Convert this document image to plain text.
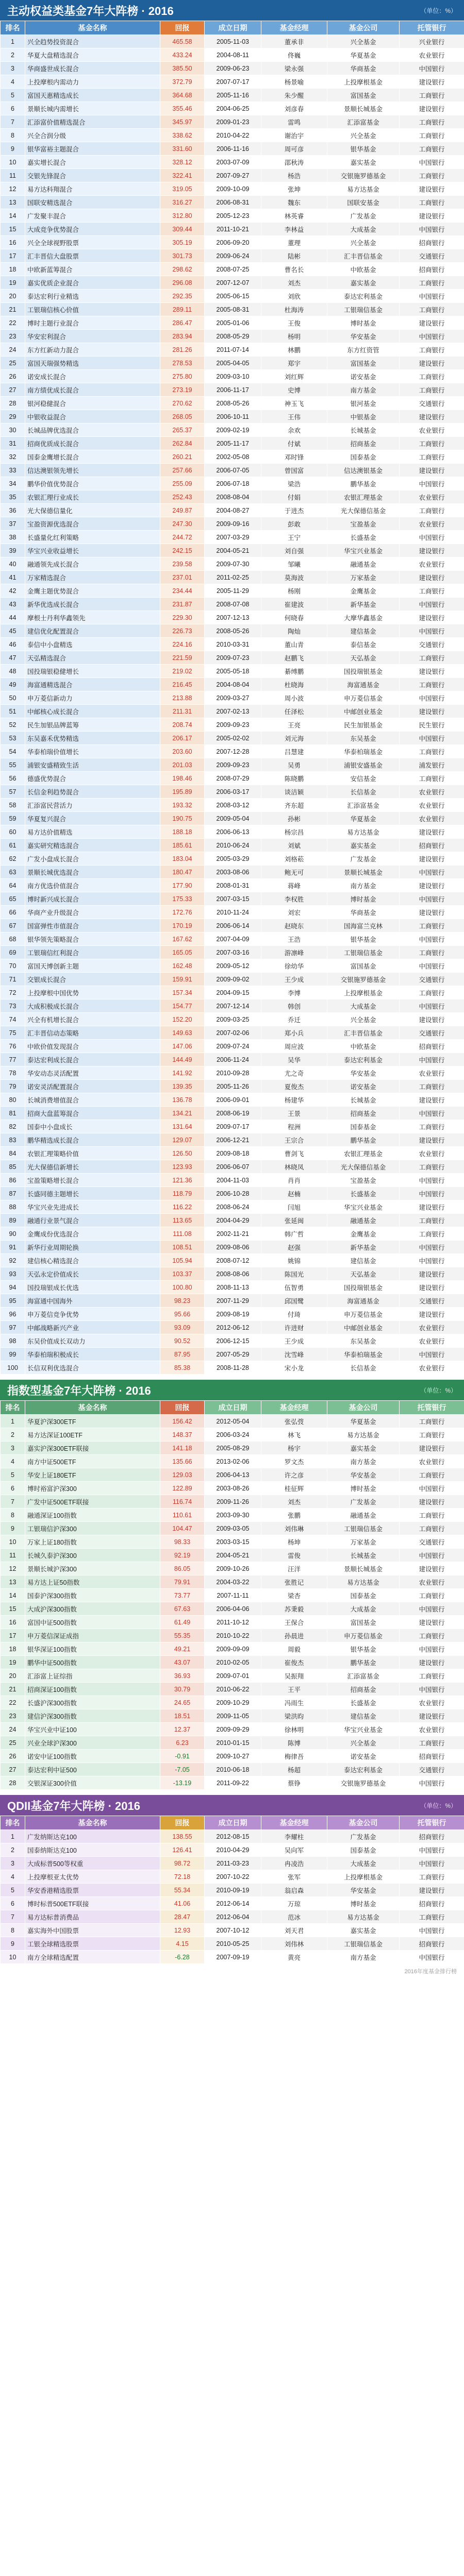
主动权益类基金7年大阵榜 · 2016	（单位：%）
排名	基金名称	回报	成立日期	基金经理	基金公司	托管银行
1	兴全趋势投资混合	465.58	2005-11-03	董承非	兴全基金	兴业银行
2	华夏大盘精选混合	433.24	2004-08-11	佟巍	华夏基金	农业银行
3	华商盛世成长混合	385.50	2009-06-23	梁永强	华商基金	中国银行
4	上投摩根内需动力	372.79	2007-07-17	杨景喻	上投摩根基金	建设银行
5	富国天惠精选成长	364.68	2005-11-16	朱少醒	富国基金	工商银行
6	景顺长城内需增长	355.46	2004-06-25	刘彦春	景顺长城基金	建设银行
7	汇添富价值精选混合	345.97	2009-01-23	雷鸣	汇添富基金	工商银行
8	兴全合润分级	338.62	2010-04-22	谢治宇	兴全基金	工商银行
9	银华富裕主题混合	331.60	2006-11-16	周可彦	银华基金	工商银行
10	嘉实增长混合	328.12	2003-07-09	邵秋涛	嘉实基金	中国银行
11	交银先锋混合	322.41	2007-09-27	杨浩	交银施罗德基金	工商银行
12	易方达科翔混合	319.05	2009-10-09	张坤	易方达基金	建设银行
13	国联安精选混合	316.27	2006-08-31	魏东	国联安基金	工商银行
14	广发聚丰混合	312.80	2005-12-23	林英睿	广发基金	建设银行
15	大成竞争优势混合	309.44	2011-10-21	李林益	大成基金	中国银行
16	兴全全球视野股票	305.19	2006-09-20	董理	兴全基金	招商银行
17	汇丰晋信大盘股票	301.73	2009-06-24	陆彬	汇丰晋信基金	交通银行
18	中欧新蓝筹混合	298.62	2008-07-25	曹名长	中欧基金	招商银行
19	嘉实优质企业混合	296.08	2007-12-07	刘杰	嘉实基金	工商银行
20	泰达宏利行业精选	292.35	2005-06-15	刘欣	泰达宏利基金	中国银行
21	工银瑞信核心价值	289.11	2005-08-31	杜海涛	工银瑞信基金	工商银行
22	博时主题行业混合	286.47	2005-01-06	王俊	博时基金	建设银行
23	华安宏利混合	283.94	2008-05-29	杨明	华安基金	中国银行
24	东方红新动力混合	281.26	2011-07-14	林鹏	东方红资管	工商银行
25	富国天瑞强势精选	278.53	2005-04-05	郑宇	富国基金	建设银行
26	诺安成长混合	275.80	2009-03-10	刘红辉	诺安基金	工商银行
27	南方绩优成长混合	273.19	2006-11-17	史博	南方基金	工商银行
28	银河稳健混合	270.62	2008-05-26	神玉飞	银河基金	交通银行
29	中银收益混合	268.05	2006-10-11	王伟	中银基金	建设银行
30	长城品牌优选混合	265.37	2009-02-19	余欢	长城基金	农业银行
31	招商优质成长混合	262.84	2005-11-17	付斌	招商基金	工商银行
32	国泰金鹰增长混合	260.21	2002-05-08	邓时锋	国泰基金	工商银行
33	信达澳银领先增长	257.66	2006-07-05	曾国富	信达澳银基金	建设银行
34	鹏华价值优势混合	255.09	2006-07-18	梁浩	鹏华基金	中国银行
35	农银汇理行业成长	252.43	2008-08-04	付娟	农银汇理基金	农业银行
36	光大保德信量化	249.87	2004-08-27	于进杰	光大保德信基金	工商银行
37	宝盈资源优选混合	247.30	2009-09-16	彭敢	宝盈基金	农业银行
38	长盛量化红利策略	244.72	2007-03-29	王宁	长盛基金	中国银行
39	华宝兴业收益增长	242.15	2004-05-21	刘自强	华宝兴业基金	建设银行
40	融通领先成长混合	239.58	2009-07-30	邹曦	融通基金	农业银行
41	万家精选混合	237.01	2011-02-25	莫海波	万家基金	建设银行
42	金鹰主题优势混合	234.44	2005-11-29	杨刚	金鹰基金	工商银行
43	新华优选成长混合	231.87	2008-07-08	崔建波	新华基金	中国银行
44	摩根士丹利华鑫领先	229.30	2007-12-13	何晓春	大摩华鑫基金	建设银行
45	建信优化配置混合	226.73	2008-05-26	陶灿	建信基金	中国银行
46	泰信中小盘精选	224.16	2010-03-31	董山青	泰信基金	交通银行
47	天弘精选混合	221.59	2009-07-23	赵鹏飞	天弘基金	工商银行
48	国投瑞银稳健增长	219.02	2005-05-18	綦缚鹏	国投瑞银基金	建设银行
49	海富通精选混合	216.45	2004-08-04	杜晓海	海富通基金	工商银行
50	申万菱信新动力	213.88	2009-03-27	周小波	申万菱信基金	中国银行
51	中邮核心成长混合	211.31	2007-02-13	任泽松	中邮创业基金	建设银行
52	民生加银品牌蓝筹	208.74	2009-09-23	王亮	民生加银基金	民生银行
53	东吴嘉禾优势精选	206.17	2005-02-02	刘元海	东吴基金	中国银行
54	华泰柏瑞价值增长	203.60	2007-12-28	吕慧建	华泰柏瑞基金	工商银行
55	浦银安盛精致生活	201.03	2009-09-23	吴勇	浦银安盛基金	浦发银行
56	德盛优势混合	198.46	2008-07-29	陈晓鹏	安信基金	工商银行
57	长信金利趋势混合	195.89	2006-03-17	谈洁颖	长信基金	农业银行
58	汇添富民营活力	193.32	2008-03-12	齐东超	汇添富基金	农业银行
59	华夏复兴混合	190.75	2009-05-04	孙彬	华夏基金	农业银行
60	易方达价值精选	188.18	2006-06-13	杨宗昌	易方达基金	建设银行
61	嘉实研究精选混合	185.61	2010-06-24	刘斌	嘉实基金	招商银行
62	广发小盘成长混合	183.04	2005-03-29	刘格菘	广发基金	建设银行
63	景顺长城优选混合	180.47	2003-08-06	鲍无可	景顺长城基金	中国银行
64	南方优选价值混合	177.90	2008-01-31	蒋峰	南方基金	建设银行
65	博时新兴成长混合	175.33	2007-03-15	李权胜	博时基金	中国银行
66	华商产业升级混合	172.76	2010-11-24	刘宏	华商基金	建设银行
67	国富弹性市值混合	170.19	2006-06-14	赵晓东	国海富兰克林	工商银行
68	银华领先策略混合	167.62	2007-04-09	王浩	银华基金	中国银行
69	工银瑞信红利混合	165.05	2007-03-16	游凛峰	工银瑞信基金	工商银行
70	富国天博创新主题	162.48	2009-05-12	徐幼华	富国基金	中国银行
71	交银成长混合	159.91	2009-09-02	王少成	交银施罗德基金	交通银行
72	上投摩根中国优势	157.34	2004-09-15	李博	上投摩根基金	工商银行
73	大成积极成长混合	154.77	2007-12-14	韩创	大成基金	中国银行
74	兴全有机增长混合	152.20	2009-03-25	乔迁	兴全基金	建设银行
75	汇丰晋信动态策略	149.63	2007-02-06	郑小兵	汇丰晋信基金	交通银行
76	中欧价值发现混合	147.06	2009-07-24	周应波	中欧基金	招商银行
77	泰达宏利成长混合	144.49	2006-11-24	吴华	泰达宏利基金	中国银行
78	华安动态灵活配置	141.92	2010-09-28	尤之奇	华安基金	农业银行
79	诺安灵活配置混合	139.35	2005-11-26	夏俊杰	诺安基金	工商银行
80	长城消费增值混合	136.78	2006-09-01	杨建华	长城基金	建设银行
81	招商大盘蓝筹混合	134.21	2008-06-19	王景	招商基金	中国银行
82	国泰中小盘成长	131.64	2009-07-17	程洲	国泰基金	工商银行
83	鹏华精选成长混合	129.07	2006-12-21	王宗合	鹏华基金	建设银行
84	农银汇理策略价值	126.50	2009-08-18	曹剑飞	农银汇理基金	农业银行
85	光大保德信新增长	123.93	2006-06-07	林晓凤	光大保德信基金	工商银行
86	宝盈策略增长混合	121.36	2004-11-03	肖肖	宝盈基金	中国银行
87	长盛同德主题增长	118.79	2006-10-28	赵楠	长盛基金	中国银行
88	华宝兴业先进成长	116.22	2008-06-24	闫旭	华宝兴业基金	建设银行
89	融通行业景气混合	113.65	2004-04-29	张延闽	融通基金	工商银行
90	金鹰成份优选混合	111.08	2002-11-21	韩广哲	金鹰基金	工商银行
91	新华行业周期轮换	108.51	2009-08-06	赵强	新华基金	中国银行
92	建信核心精选混合	105.94	2008-07-12	姚锦	建信基金	中国银行
93	天弘永定价值成长	103.37	2008-08-06	陈国光	天弘基金	建设银行
94	国投瑞银成长优选	100.80	2008-11-13	伍智勇	国投瑞银基金	建设银行
95	海富通中国海外	98.23	2007-11-29	邱国鹭	海富通基金	交通银行
96	申万菱信竞争优势	95.66	2009-08-19	付琦	申万菱信基金	建设银行
97	中邮战略新兴产业	93.09	2012-06-12	许进财	中邮创业基金	农业银行
98	东吴价值成长双动力	90.52	2006-12-15	王少成	东吴基金	农业银行
99	华泰柏瑞积极成长	87.95	2007-05-29	沈雪峰	华泰柏瑞基金	中国银行
100	长信双利优选混合	85.38	2008-11-28	宋小龙	长信基金	农业银行
指数型基金7年大阵榜 · 2016	（单位：%）
排名	基金名称	回报	成立日期	基金经理	基金公司	托管银行
1	华夏沪深300ETF	156.42	2012-05-04	张弘弢	华夏基金	工商银行
2	易方达深证100ETF	148.37	2006-03-24	林飞	易方达基金	工商银行
3	嘉实沪深300ETF联接	141.18	2005-08-29	杨宇	嘉实基金	建设银行
4	南方中证500ETF	135.66	2013-02-06	罗文杰	南方基金	农业银行
5	华安上证180ETF	129.03	2006-04-13	许之彦	华安基金	工商银行
6	博时裕富沪深300	122.89	2003-08-26	桂征辉	博时基金	中国银行
7	广发中证500ETF联接	116.74	2009-11-26	刘杰	广发基金	建设银行
8	融通深证100指数	110.61	2003-09-30	张鹏	融通基金	工商银行
9	工银瑞信沪深300	104.47	2009-03-05	刘伟琳	工银瑞信基金	工商银行
10	万家上证180指数	98.33	2003-03-15	杨坤	万家基金	交通银行
11	长城久泰沪深300	92.19	2004-05-21	雷俊	长城基金	中国银行
12	景顺长城沪深300	86.05	2009-10-26	汪洋	景顺长城基金	建设银行
13	易方达上证50指数	79.91	2004-03-22	张胜记	易方达基金	农业银行
14	国泰沪深300指数	73.77	2007-11-11	梁杏	国泰基金	工商银行
15	大成沪深300指数	67.63	2006-04-06	苏秉毅	大成基金	中国银行
16	富国中证500指数	61.49	2011-10-12	王保合	富国基金	建设银行
17	申万菱信深证成指	55.35	2010-10-22	孙晨进	申万菱信基金	工商银行
18	银华深证100指数	49.21	2009-09-09	周毅	银华基金	中国银行
19	鹏华中证500指数	43.07	2010-02-05	崔俊杰	鹏华基金	建设银行
20	汇添富上证综指	36.93	2009-07-01	吴振翔	汇添富基金	工商银行
21	招商深证100指数	30.79	2010-06-22	王平	招商基金	中国银行
22	长盛沪深300指数	24.65	2009-10-29	冯雨生	长盛基金	农业银行
23	建信沪深300指数	18.51	2009-11-05	梁洪昀	建信基金	建设银行
24	华宝兴业中证100	12.37	2009-09-29	徐林明	华宝兴业基金	农业银行
25	兴业全球沪深300	6.23	2010-01-15	陈博	兴全基金	工商银行
26	诺安中证100指数	-0.91	2009-10-27	梅律吾	诺安基金	招商银行
27	泰达宏利中证500	-7.05	2010-06-18	杨超	泰达宏利基金	交通银行
28	交银深证300价值	-13.19	2011-09-22	蔡铮	交银施罗德基金	中国银行
QDII基金7年大阵榜 · 2016	（单位：%）
排名	基金名称	回报	成立日期	基金经理	基金公司	托管银行
1	广发纳斯达克100	138.55	2012-08-15	李耀柱	广发基金	招商银行
2	国泰纳斯达克100	126.41	2010-04-29	吴向军	国泰基金	中国银行
3	大成标普500等权重	98.72	2011-03-23	冉凌浩	大成基金	中国银行
4	上投摩根亚太优势	72.18	2007-10-22	张军	上投摩根基金	工商银行
5	华安香港精选股票	55.34	2010-09-19	翁启森	华安基金	建设银行
6	博时标普500ETF联接	41.06	2012-06-14	万琼	博时基金	招商银行
7	易方达标普消费品	28.47	2012-06-04	范冰	易方达基金	工商银行
8	嘉实海外中国股票	12.93	2007-10-12	刘天君	嘉实基金	中国银行
9	工银全球精选股票	4.15	2010-05-25	刘伟林	工银瑞信基金	招商银行
10	南方全球精选配置	-6.28	2007-09-19	黄亮	南方基金	中国银行
2016年度基金排行榜
